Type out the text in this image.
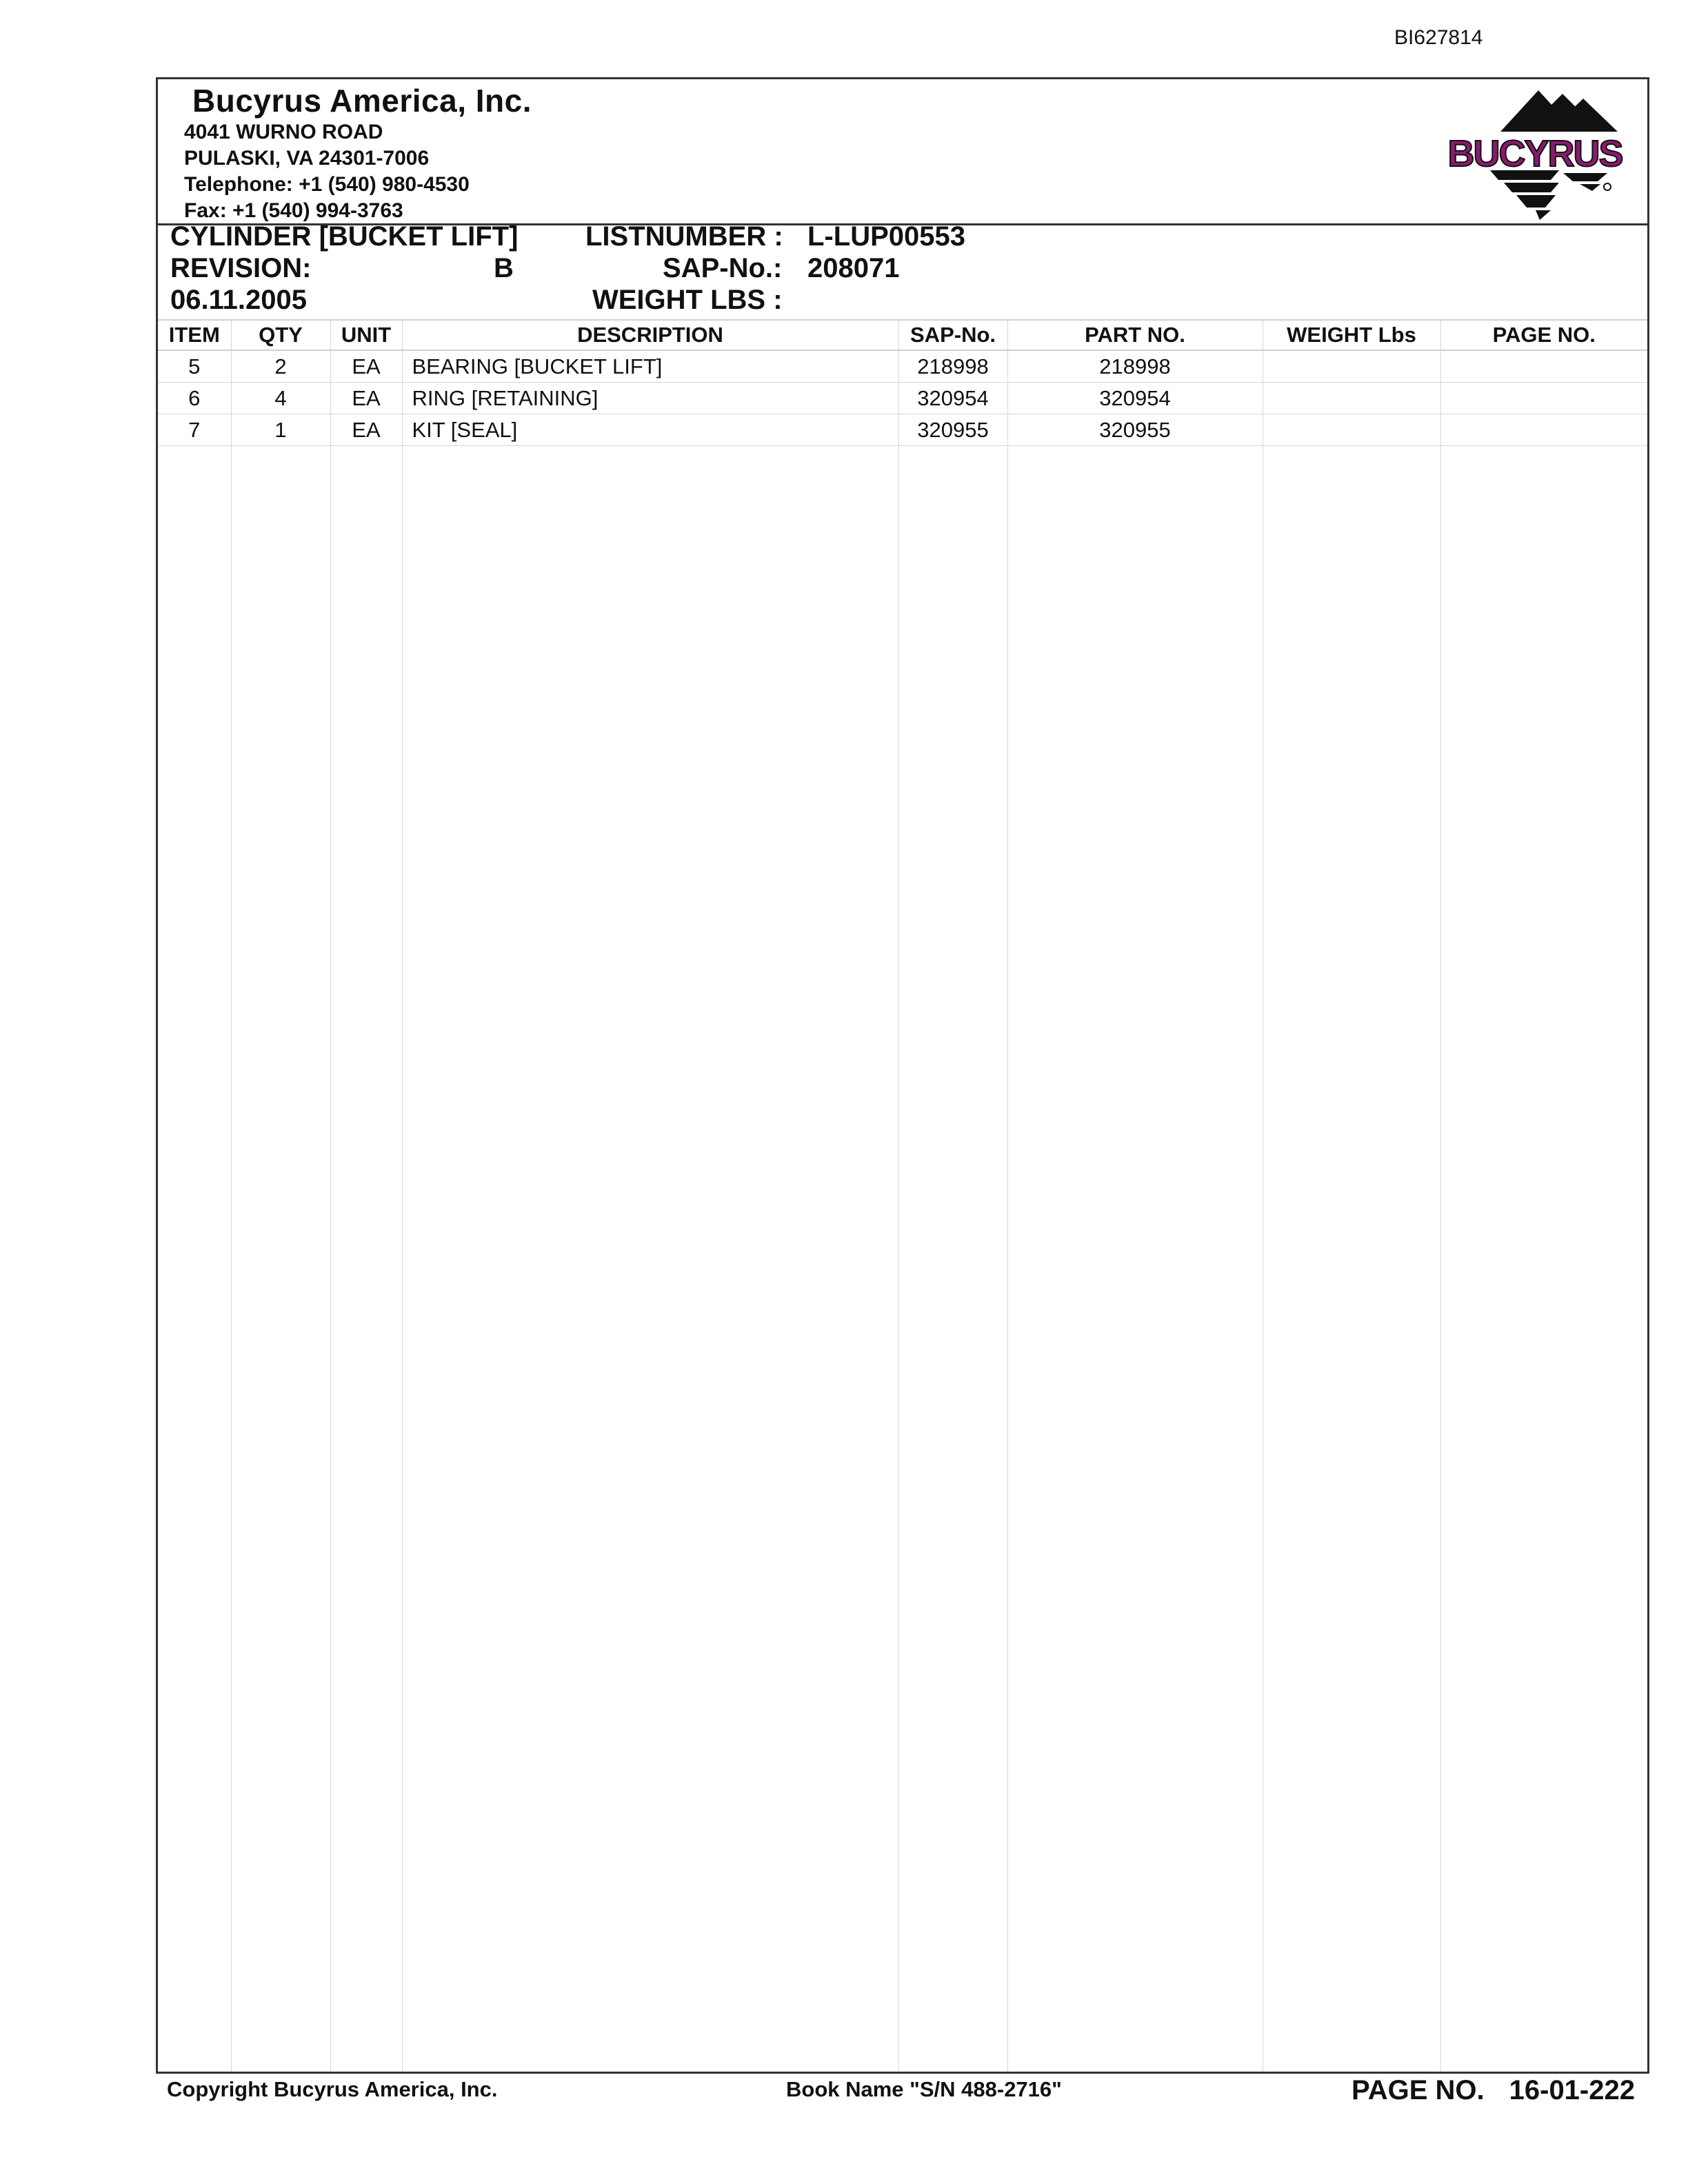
BI627814
Bucyrus America, Inc.
4041 WURNO ROAD
PULASKI, VA 24301-7006
Telephone: +1 (540) 980-4530
Fax: +1 (540) 994-3763
BUCYRUS
CYLINDER [BUCKET LIFT]
REVISION:	B
06.11.2005
LISTNUMBER : L-LUP00553
SAP-No.: 208071
WEIGHT LBS :
ITEM	QTY	UNIT	DESCRIPTION	SAP-No.	PART NO.	WEIGHT Lbs	PAGE NO.
5	2	EA	BEARING [BUCKET LIFT]	218998	218998		
6	4	EA	RING [RETAINING]	320954	320954		
7	1	EA	KIT [SEAL]	320955	320955		

Copyright Bucyrus America, Inc.	Book Name "S/N 488-2716"	PAGE NO. 16-01-222
